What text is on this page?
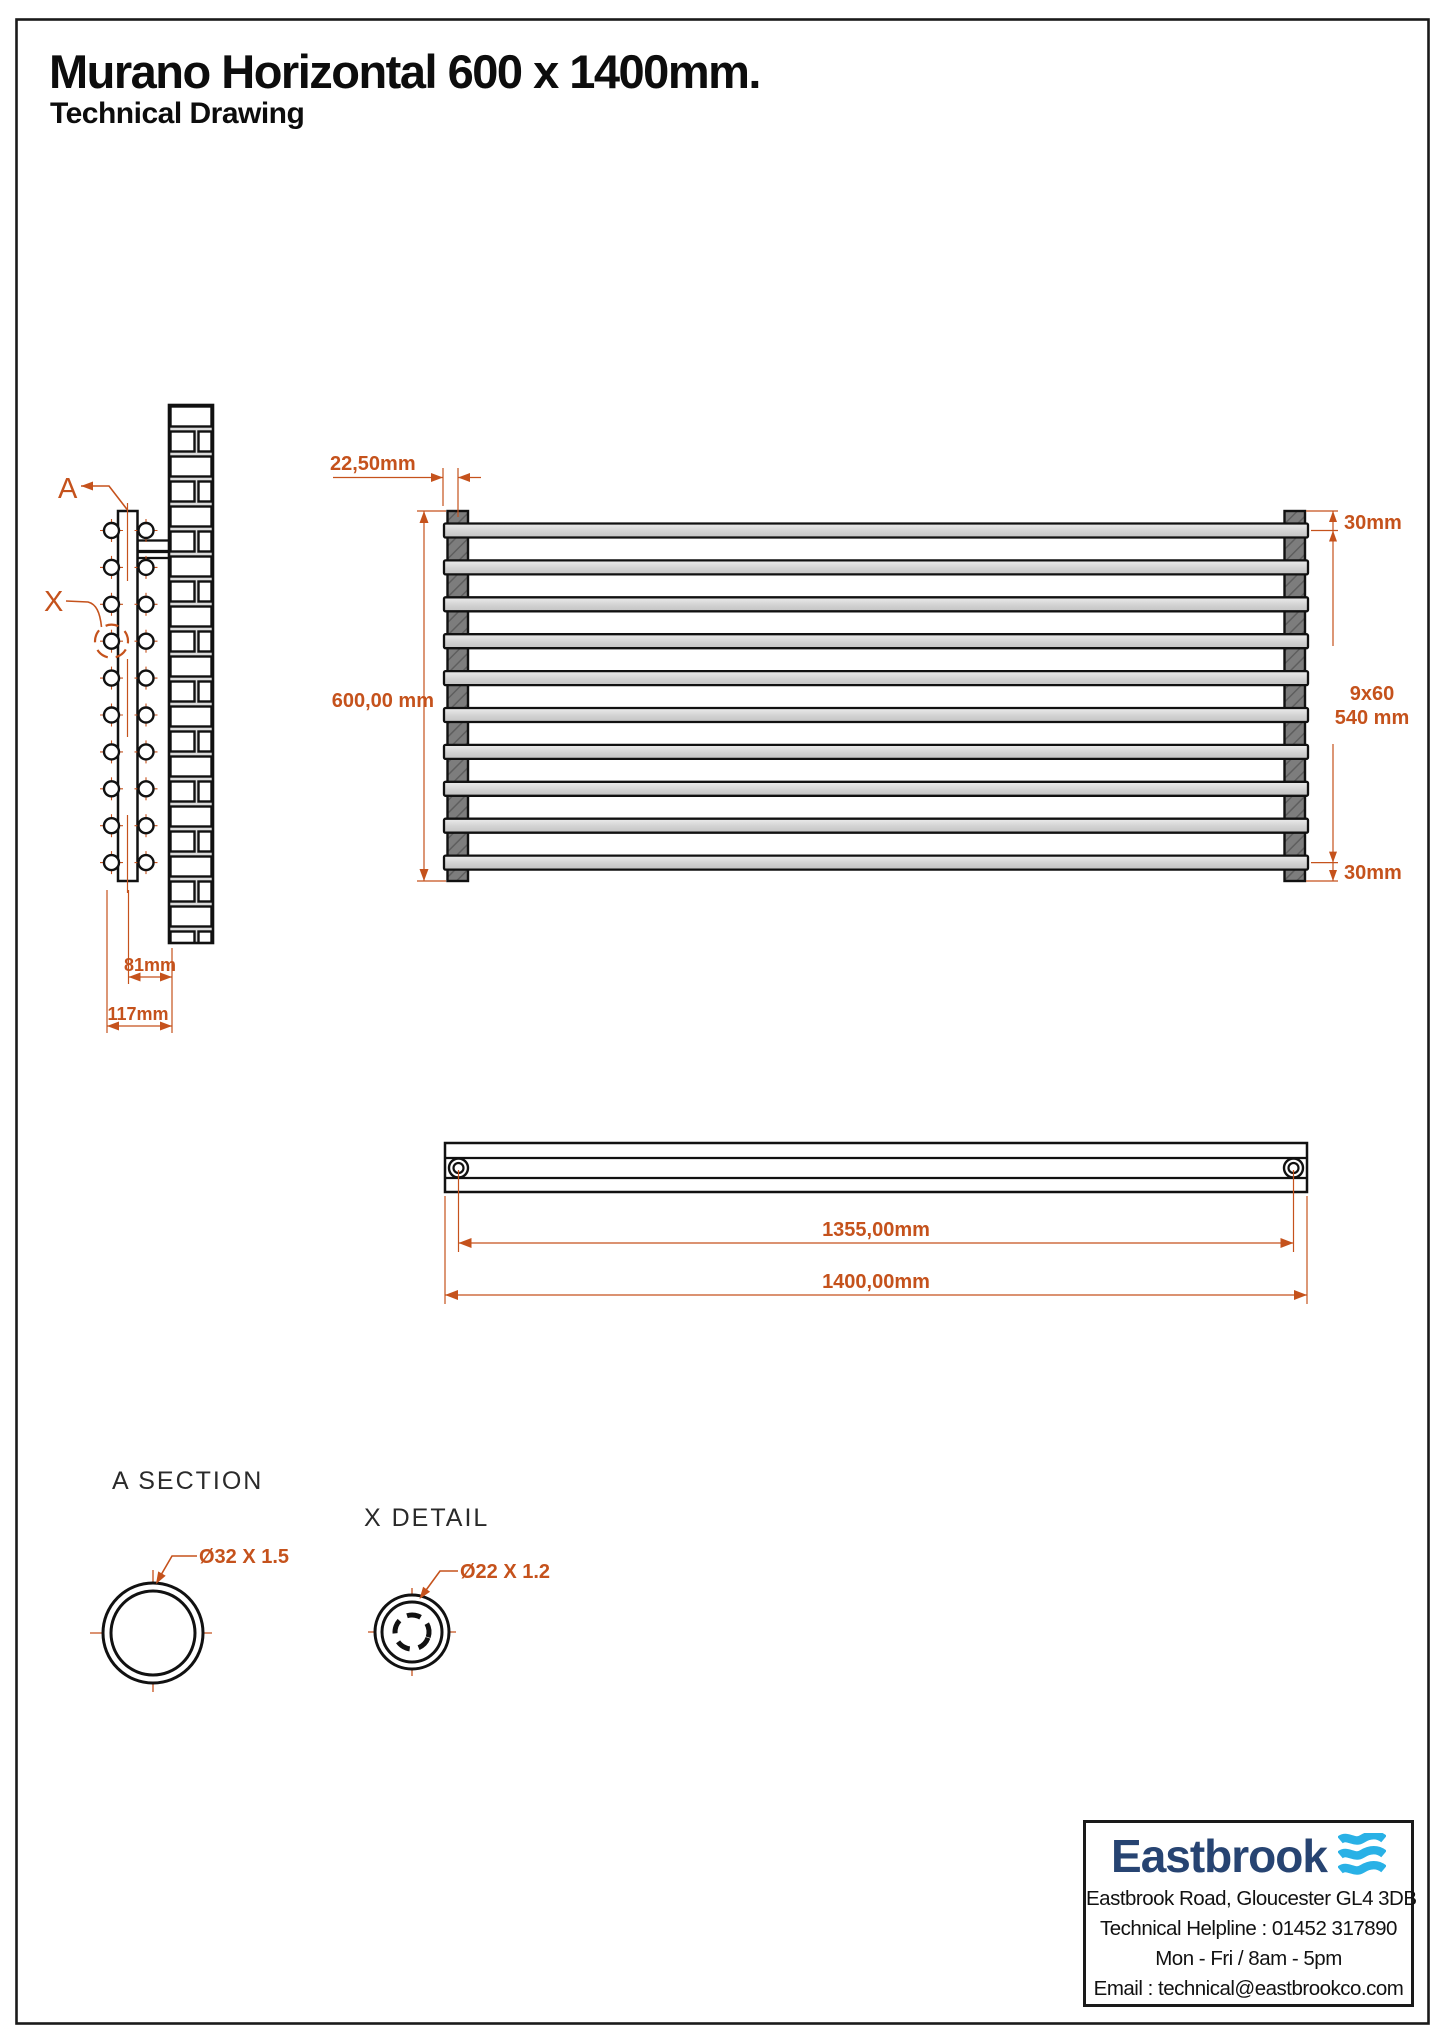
Murano Horizontal 600 x 1400mm.
Technical Drawing
A
X
81mm
117mm
22,50mm
600,00 mm
30mm
9x60
540 mm
30mm
1355,00mm
1400,00mm
A SECTION
Ø32 X 1.5
X DETAIL
Ø22 X 1.2
Eastbrook
Eastbrook Road, Gloucester GL4 3DB
Technical Helpline : 01452 317890
Mon - Fri / 8am - 5pm
Email : technical@eastbrookco.com
